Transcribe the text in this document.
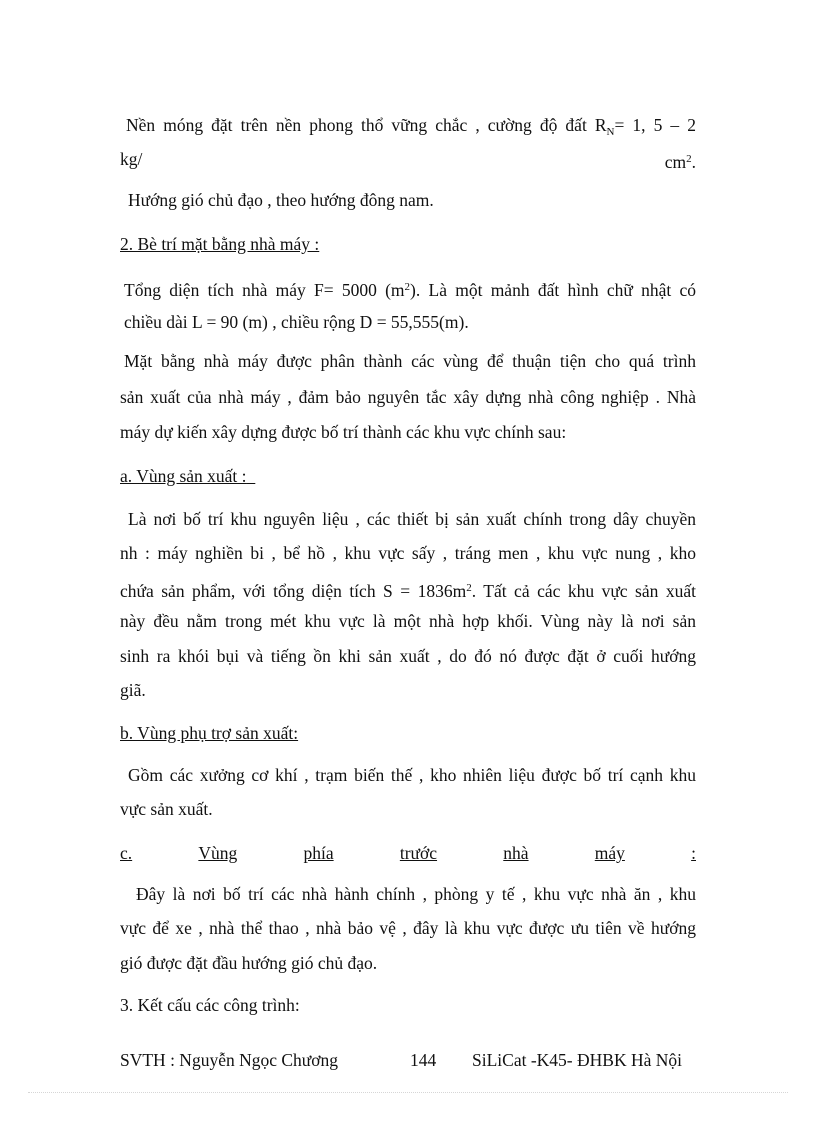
Nền móng đặt trên nền phong thổ vững chắc , cường độ đất $R_N= 1$, 5 – 2
kg/	$cm^2$.
Hướng gió chủ đạo , theo hướng đông nam.
2. Bè trí mặt bằng nhà máy :
Tổng diện tích nhà máy F= 5000 $(m^2)$. Là một mảnh đất hình chữ nhật có
chiều dài L = 90 (m) , chiều rộng D = 55,555(m).
Mặt bằng nhà máy được phân thành các vùng để thuận tiện cho quá trình
sản xuất của nhà máy , đảm bảo nguyên tắc xây dựng nhà công nghiệp . Nhà
máy dự kiến xây dựng được bố trí thành các khu vực chính sau:
a. Vùng sản xuất :
Là nơi bố trí khu nguyên liệu , các thiết bị sản xuất chính trong dây chuyền
nh : máy nghiền bi , bể hồ , khu vực sấy , tráng men , khu vực nung , kho
chứa sản phẩm, với tổng diện tích $S = 1836m^2$. Tất cả các khu vực sản xuất
này đều nằm trong mét khu vực là một nhà hợp khối. Vùng này là nơi sản
sinh ra khói bụi và tiếng ồn khi sản xuất , do đó nó được đặt ở cuối hướng
giã.
b. Vùng phụ trợ sản xuất:
Gồm các xưởng cơ khí , trạm biến thế , kho nhiên liệu được bố trí cạnh khu
vực sản xuất.
c.	Vùng	phía	trước	nhà	máy	:
Đây là nơi bố trí các nhà hành chính , phòng y tế , khu vực nhà ăn , khu
vực để xe , nhà thể thao , nhà bảo vệ , đây là khu vực được ưu tiên về hướng
gió được đặt đầu hướng gió chủ đạo.
3. Kết cấu các công trình:
SVTH : Nguyễn Ngọc Chương	144 SiLiCat -K45- ĐHBK Hà Nội
